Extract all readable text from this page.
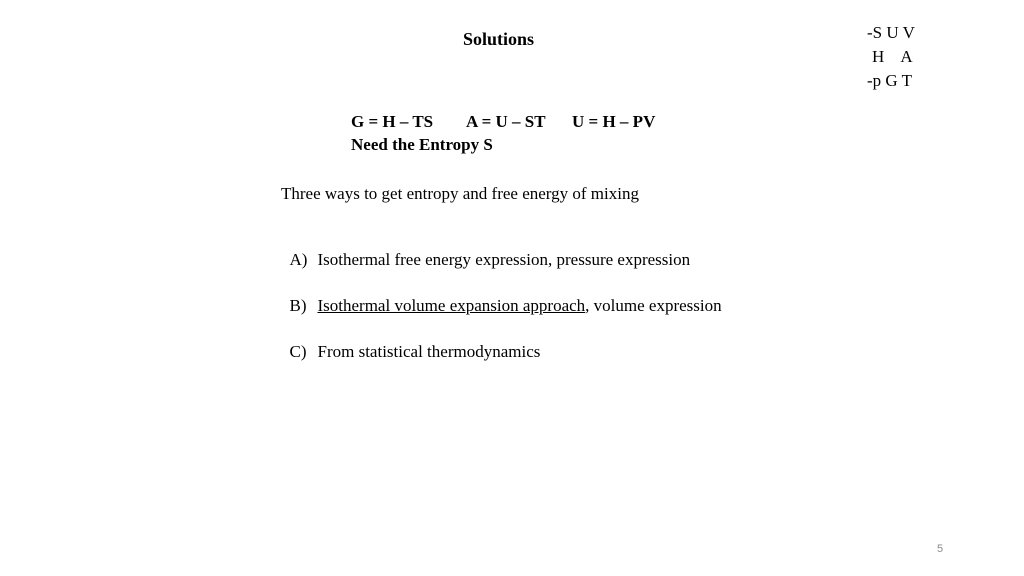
Solutions	-S U V
H    A
-p G T
G = H – TS A = U – ST U = H – PV
Need the Entropy S
Three ways to get entropy and free energy of mixing

A) Isothermal free energy expression, pressure expression

B) Isothermal volume expansion approach, volume expression

C) From statistical thermodynamics

5
